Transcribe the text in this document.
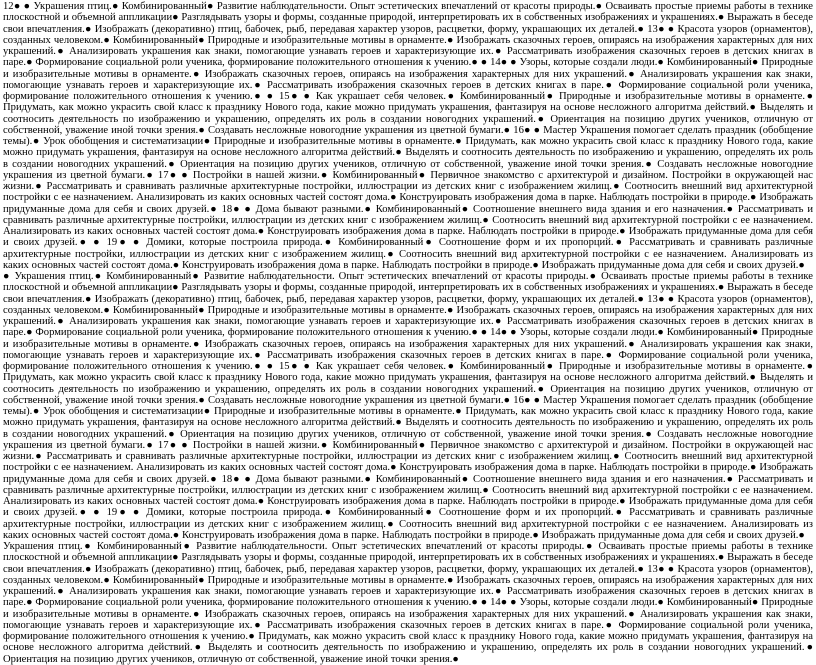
12● ● Украшения птиц.● Комбинированный● Развитие наблюдательности. Опыт эстетических впечатлений от красоты природы.● Осваивать простые приемы работы в технике плоскостной и объемной аппликации● Разглядывать узоры и формы, созданные природой, интерпретировать их в собственных изображениях и украшениях.● Выражать в беседе свои впечатления.● Изображать (декоративно) птиц, бабочек, рыб, передавая характер узоров, расцветки, форму, украшающих их деталей.● 13● ● Красота узоров (орнаментов), созданных человеком.● Комбинированный● Природные и изобразительные мотивы в орнаменте.● Изображать сказочных героев, опираясь на изображения характерных для них украшений.● Анализировать украшения как знаки, помогающие узнавать героев и характеризующие их.● Рассматривать изображения сказочных героев в детских книгах в паре.● Формирование социальной роли ученика, формирование положительного отношения к учению.● ● 14● ● Узоры, которые создали люди.● Комбинированный● Природные и изобразительные мотивы в орнаменте.● Изображать сказочных героев, опираясь на изображения характерных для них украшений.● Анализировать украшения как знаки, помогающие узнавать героев и характеризующие их.● Рассматривать изображения сказочных героев в детских книгах в паре.● Формирование социальной роли ученика, формирование положительного отношения к учению.● ● 15● ● Как украшает себя человек.● Комбинированный● Природные и изобразительные мотивы в орнаменте.● Придумать, как можно украсить свой класс к празднику Нового года, какие можно придумать украшения, фантазируя на основе несложного алгоритма действий.● Выделять и соотносить деятельность по изображению и украшению, определять их роль в создании новогодних украшений.● Ориентация на позицию других учеников, отличную от собственной, уважение иной точки зрения.● Создавать несложные новогодние украшения из цветной бумаги.● 16● ● Мастер Украшения помогает сделать праздник (обобщение темы).● Урок обобщения и систематизации● Природные и изобразительные мотивы в орнаменте.● Придумать, как можно украсить свой класс к празднику Нового года, какие можно придумать украшения, фантазируя на основе несложного алгоритма действий.● Выделять и соотносить деятельность по изображению и украшению, определять их роль в создании новогодних украшений.● Ориентация на позицию других учеников, отличную от собственной, уважение иной точки зрения.● Создавать несложные новогодние украшения из цветной бумаги.● 17● ● Постройки в нашей жизни.● Комбинированный● Первичное знакомство с архитектурой и дизайном. Постройки в окружающей нас жизни.● Рассматривать и сравнивать различные архитектурные постройки, иллюстрации из детских книг с изображением жилищ.● Соотносить внешний вид архитектурной постройки с ее назначением. Анализировать из каких основных частей состоят дома.● Конструировать изображения дома в парке. Наблюдать постройки в природе.● Изображать придуманные дома для себя и своих друзей.● 18● ● Дома бывают разными.● Комбинированный● Соотношение внешнего вида здания и его назначения.● Рассматривать и сравнивать различные архитектурные постройки, иллюстрации из детских книг с изображением жилищ.● Соотносить внешний вид архитектурной постройки с ее назначением. Анализировать из каких основных частей состоят дома.● Конструировать изображения дома в парке. Наблюдать постройки в природе.● Изображать придуманные дома для себя и своих друзей.● ● 19● ● Домики, которые построила природа.● Комбинированный● Соотношение форм и их пропорций.● Рассматривать и сравнивать различные архитектурные постройки, иллюстрации из детских книг с изображением жилищ.● Соотносить внешний вид архитектурной постройки с ее назначением. Анализировать из каких основных частей состоят дома.● Конструировать изображения дома в парке. Наблюдать постройки в природе.● Изображать придуманные дома для себя и своих друзей.●

● Украшения птиц.● Комбинированный● Развитие наблюдательности. Опыт эстетических впечатлений от красоты природы.● Осваивать простые приемы работы в технике плоскостной и объемной аппликации● Разглядывать узоры и формы, созданные природой, интерпретировать их в собственных изображениях и украшениях.● Выражать в беседе свои впечатления.● Изображать (декоративно) птиц, бабочек, рыб, передавая характер узоров, расцветки, форму, украшающих их деталей.● 13● ● Красота узоров (орнаментов), созданных человеком.● Комбинированный● Природные и изобразительные мотивы в орнаменте.● Изображать сказочных героев, опираясь на изображения характерных для них украшений.● Анализировать украшения как знаки, помогающие узнавать героев и характеризующие их.● Рассматривать изображения сказочных героев в детских книгах в паре.● Формирование социальной роли ученика, формирование положительного отношения к учению.● ● 14● ● Узоры, которые создали люди.● Комбинированный● Природные и изобразительные мотивы в орнаменте.● Изображать сказочных героев, опираясь на изображения характерных для них украшений.● Анализировать украшения как знаки, помогающие узнавать героев и характеризующие их.● Рассматривать изображения сказочных героев в детских книгах в паре.● Формирование социальной роли ученика, формирование положительного отношения к учению.● ● 15● ● Как украшает себя человек.● Комбинированный● Природные и изобразительные мотивы в орнаменте.● Придумать, как можно украсить свой класс к празднику Нового года, какие можно придумать украшения, фантазируя на основе несложного алгоритма действий.● Выделять и соотносить деятельность по изображению и украшению, определять их роль в создании новогодних украшений.● Ориентация на позицию других учеников, отличную от собственной, уважение иной точки зрения.● Создавать несложные новогодние украшения из цветной бумаги.● 16● ● Мастер Украшения помогает сделать праздник (обобщение темы).● Урок обобщения и систематизации● Природные и изобразительные мотивы в орнаменте.● Придумать, как можно украсить свой класс к празднику Нового года, какие можно придумать украшения, фантазируя на основе несложного алгоритма действий.● Выделять и соотносить деятельность по изображению и украшению, определять их роль в создании новогодних украшений.● Ориентация на позицию других учеников, отличную от собственной, уважение иной точки зрения.● Создавать несложные новогодние украшения из цветной бумаги.● 17● ● Постройки в нашей жизни.● Комбинированный● Первичное знакомство с архитектурой и дизайном. Постройки в окружающей нас жизни.● Рассматривать и сравнивать различные архитектурные постройки, иллюстрации из детских книг с изображением жилищ.● Соотносить внешний вид архитектурной постройки с ее назначением. Анализировать из каких основных частей состоят дома.● Конструировать изображения дома в парке. Наблюдать постройки в природе.● Изображать придуманные дома для себя и своих друзей.● 18● ● Дома бывают разными.● Комбинированный● Соотношение внешнего вида здания и его назначения.● Рассматривать и сравнивать различные архитектурные постройки, иллюстрации из детских книг с изображением жилищ.● Соотносить внешний вид архитектурной постройки с ее назначением. Анализировать из каких основных частей состоят дома.● Конструировать изображения дома в парке. Наблюдать постройки в природе.● Изображать придуманные дома для себя и своих друзей.● ● 19● ● Домики, которые построила природа.● Комбинированный● Соотношение форм и их пропорций.● Рассматривать и сравнивать различные архитектурные постройки, иллюстрации из детских книг с изображением жилищ.● Соотносить внешний вид архитектурной постройки с ее назначением. Анализировать из каких основных частей состоят дома.● Конструировать изображения дома в парке. Наблюдать постройки в природе.● Изображать придуманные дома для себя и своих друзей.●

Украшения птиц.● Комбинированный● Развитие наблюдательности. Опыт эстетических впечатлений от красоты природы.● Осваивать простые приемы работы в технике плоскостной и объемной аппликации● Разглядывать узоры и формы, созданные природой, интерпретировать их в собственных изображениях и украшениях.● Выражать в беседе свои впечатления.● Изображать (декоративно) птиц, бабочек, рыб, передавая характер узоров, расцветки, форму, украшающих их деталей.● 13● ● Красота узоров (орнаментов), созданных человеком.● Комбинированный● Природные и изобразительные мотивы в орнаменте.● Изображать сказочных героев, опираясь на изображения характерных для них украшений.● Анализировать украшения как знаки, помогающие узнавать героев и характеризующие их.● Рассматривать изображения сказочных героев в детских книгах в паре.● Формирование социальной роли ученика, формирование положительного отношения к учению.● ● 14● ● Узоры, которые создали люди.● Комбинированный● Природные и изобразительные мотивы в орнаменте.● Изображать сказочных героев, опираясь на изображения характерных для них украшений.● Анализировать украшения как знаки, помогающие узнавать героев и характеризующие их.● Рассматривать изображения сказочных героев в детских книгах в паре.● Формирование социальной роли ученика, формирование положительного отношения к учению.● Придумать, как можно украсить свой класс к празднику Нового года, какие можно придумать украшения, фантазируя на основе несложного алгоритма действий.● Выделять и соотносить деятельность по изображению и украшению, определять их роль в создании новогодних украшений.● Ориентация на позицию других учеников, отличную от собственной, уважение иной точки зрения.●
